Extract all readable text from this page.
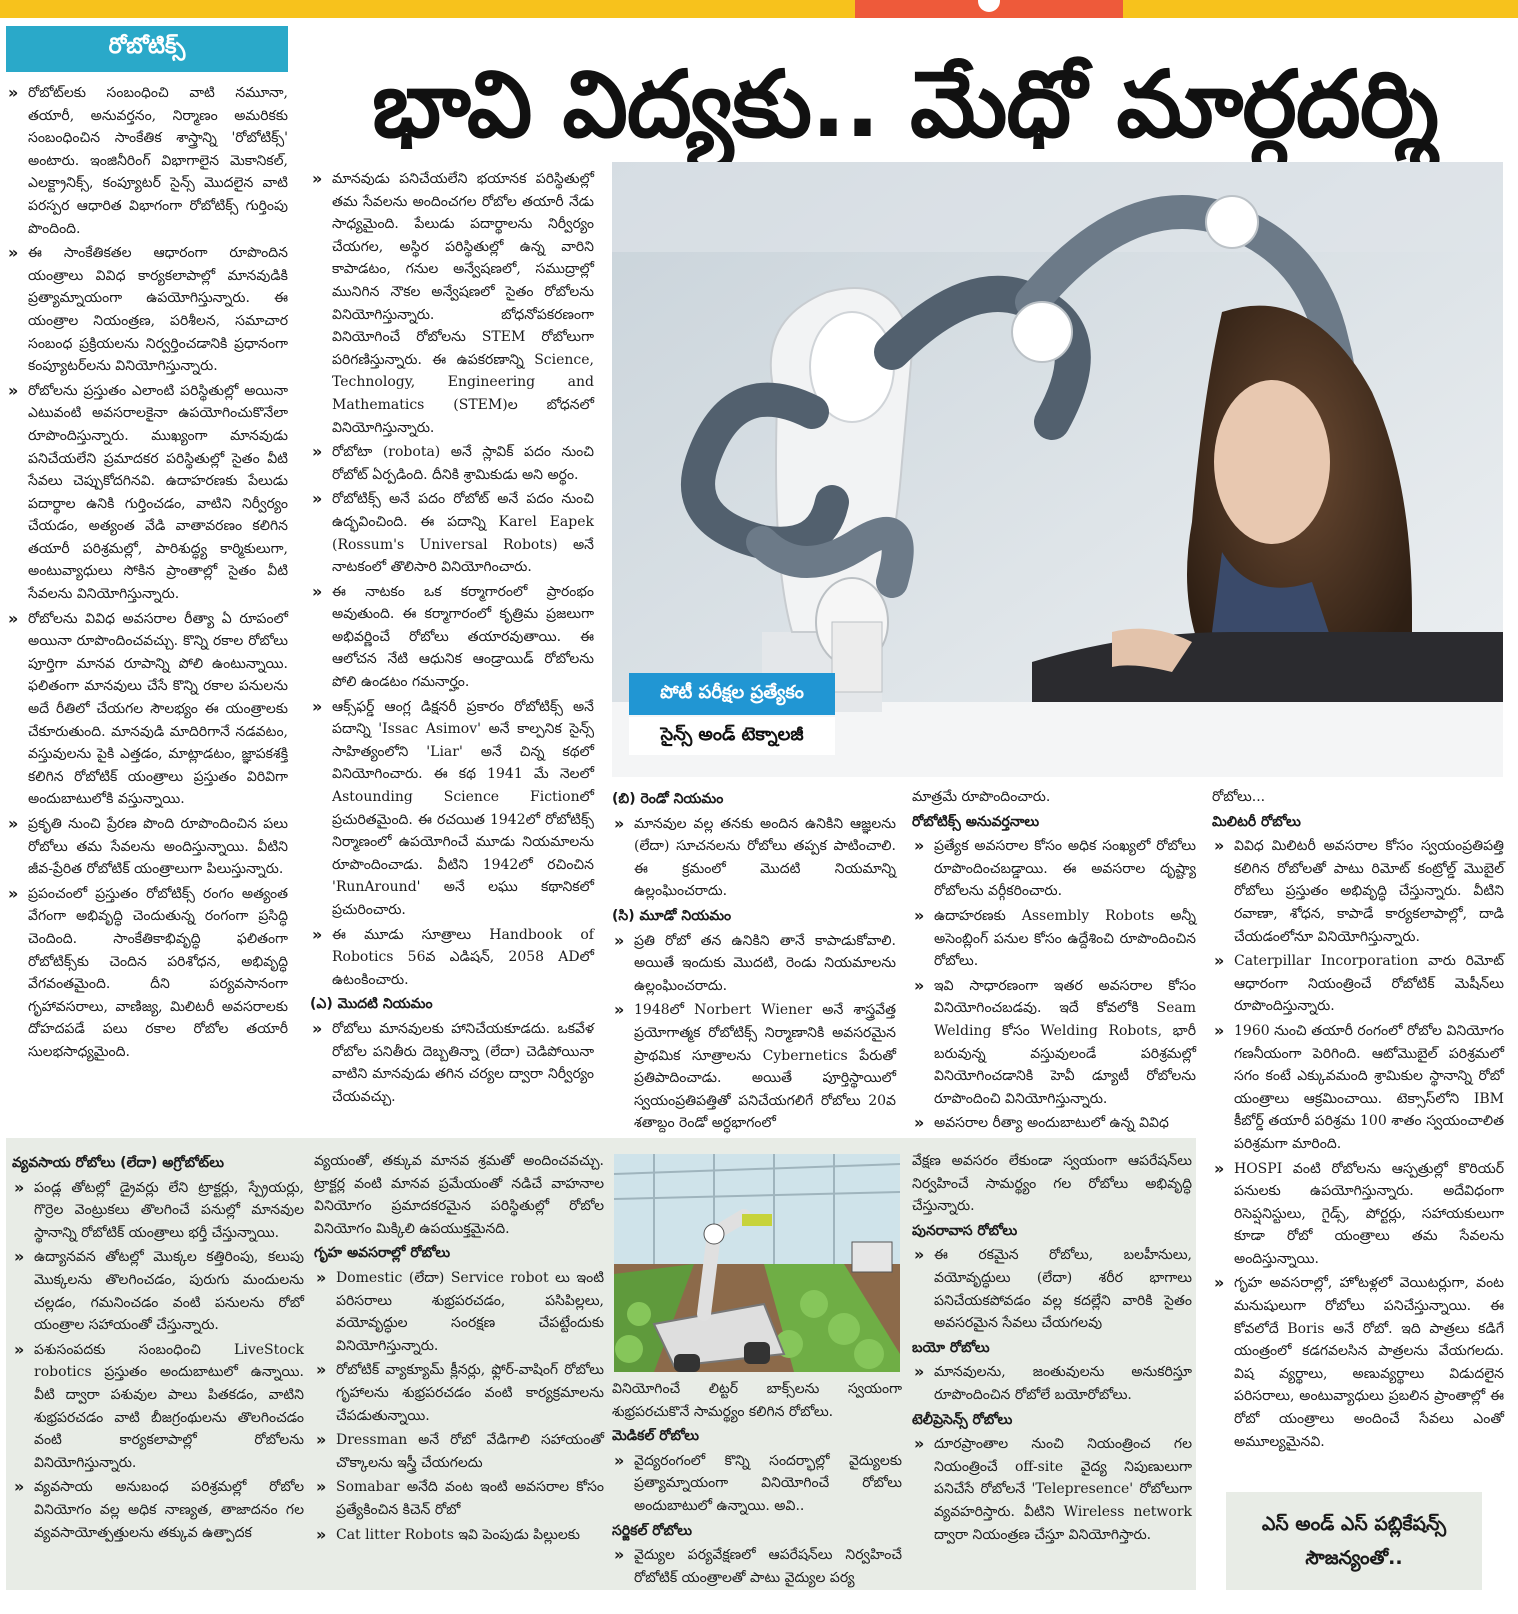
రోబోటిక్స్
భావి విద్యకు.. మేధో మార్గదర్శి
» రోబోట్‌లకు సంబంధించి వాటి నమూనా, తయారీ, అనువర్తనం, నిర్మాణం అమరికకు సంబంధించిన సాంకేతిక శాస్త్రాన్ని 'రోబోటిక్స్‌' అంటారు. ఇంజినీరింగ్‌ విభాగాలైన మెకానికల్‌, ఎలక్ట్రానిక్స్‌, కంప్యూటర్‌ సైన్స్‌ మొదలైన వాటి పరస్పర ఆధారిత విభాగంగా రోబోటిక్స్‌ గుర్తింపు పొందింది.
» ఈ సాంకేతికతల ఆధారంగా రూపొందిన యంత్రాలు వివిధ కార్యకలాపాల్లో మానవుడికి ప్రత్యామ్నాయంగా ఉపయోగిస్తున్నారు. ఈ యంత్రాల నియంత్రణ, పరిశీలన, సమాచార సంబంధ ప్రక్రియలను నిర్వర్తించడానికి ప్రధానంగా కంప్యూటర్‌లను వినియోగిస్తున్నారు.
» రోబోలను ప్రస్తుతం ఎలాంటి పరిస్థితుల్లో అయినా ఎటువంటి అవసరాలకైనా ఉపయోగించుకొనేలా రూపొందిస్తున్నారు. ముఖ్యంగా మానవుడు పనిచేయలేని ప్రమాదకర పరిస్థితుల్లో సైతం వీటి సేవలు చెప్పుకోదగినవి. ఉదాహరణకు పేలుడు పదార్థాల ఉనికి గుర్తించడం, వాటిని నిర్వీర్యం చేయడం, అత్యంత వేడి వాతావరణం కలిగిన తయారీ పరిశ్రమల్లో, పారిశుద్ధ్య కార్మికులుగా, అంటువ్యాధులు సోకిన ప్రాంతాల్లో సైతం వీటి సేవలను వినియోగిస్తున్నారు.
» రోబోలను వివిధ అవసరాల రీత్యా ఏ రూపంలో అయినా రూపొందించవచ్చు. కొన్ని రకాల రోబోలు పూర్తిగా మానవ రూపాన్ని పోలి ఉంటున్నాయి. ఫలితంగా మానవులు చేసే కొన్ని రకాల పనులను అదే రీతిలో చేయగల సౌలభ్యం ఈ యంత్రాలకు చేకూరుతుంది. మానవుడి మాదిరిగానే నడవటం, వస్తువులను పైకి ఎత్తడం, మాట్లాడటం, జ్ఞాపకశక్తి కలిగిన రోబోటిక్‌ యంత్రాలు ప్రస్తుతం విరివిగా అందుబాటులోకి వస్తున్నాయి.
» ప్రకృతి నుంచి ప్రేరణ పొంది రూపొందించిన పలు రోబోలు తమ సేవలను అందిస్తున్నాయి. వీటిని జీవ-ప్రేరిత రోబోటిక్‌ యంత్రాలుగా పిలుస్తున్నారు.
» ప్రపంచంలో ప్రస్తుతం రోబోటిక్స్‌ రంగం అత్యంత వేగంగా అభివృద్ధి చెందుతున్న రంగంగా ప్రసిద్ధి చెందింది. సాంకేతికాభివృద్ధి ఫలితంగా రోబోటిక్స్‌కు చెందిన పరిశోధన, అభివృద్ధి వేగవంతమైంది. దీని పర్యవసానంగా గృహావసరాలు, వాణిజ్య, మిలిటరీ అవసరాలకు దోహదపడే పలు రకాల రోబోల తయారీ సులభసాధ్యమైంది.
» మానవుడు పనిచేయలేని భయానక పరిస్థితుల్లో తమ సేవలను అందించగల రోబోల తయారీ నేడు సాధ్యమైంది. పేలుడు పదార్థాలను నిర్వీర్యం చేయగల, అస్థిర పరిస్థితుల్లో ఉన్న వారిని కాపాడటం, గనుల అన్వేషణలో, సముద్రాల్లో మునిగిన నౌకల అన్వేషణలో సైతం రోబోలను వినియోగిస్తున్నారు. బోధనోపకరణంగా వినియోగించే రోబోలను STEM రోబోలుగా పరిగణిస్తున్నారు. ఈ ఉపకరణాన్ని Science, Technology, Engineering and Mathematics (STEM)ల బోధనలో వినియోగిస్తున్నారు.
» రోబోటా (robota) అనే స్లావిక్‌ పదం నుంచి రోబోట్‌ ఏర్పడింది. దీనికి శ్రామికుడు అని అర్థం.
» రోబోటిక్స్‌ అనే పదం రోబోట్‌ అనే పదం నుంచి ఉద్భవించింది. ఈ పదాన్ని Karel Eapek (Rossum's Universal Robots) అనే నాటకంలో తొలిసారి వినియోగించారు.
» ఈ నాటకం ఒక కర్మాగారంలో ప్రారంభం అవుతుంది. ఈ కర్మాగారంలో కృత్రిమ ప్రజలుగా అభివర్ణించే రోబోలు తయారవుతాయి. ఈ ఆలోచన నేటి ఆధునిక ఆండ్రాయిడ్‌ రోబోలను పోలి ఉండటం గమనార్హం.
» ఆక్స్‌ఫర్డ్‌ ఆంగ్ల డిక్షనరీ ప్రకారం రోబోటిక్స్‌ అనే పదాన్ని 'Issac Asimov' అనే కాల్పనిక సైన్స్‌ సాహిత్యంలోని 'Liar' అనే చిన్న కథలో వినియోగించారు. ఈ కథ 1941 మే నెలలో Astounding Science Fictionలో ప్రచురితమైంది. ఈ రచయిత 1942లో రోబోటిక్స్‌ నిర్మాణంలో ఉపయోగించే మూడు నియమాలను రూపొందించాడు. వీటిని 1942లో రచించిన 'RunAround' అనే లఘు కథానికలో ప్రచురించారు.
» ఈ మూడు సూత్రాలు Handbook of Robotics 56వ ఎడిషన్‌, 2058 ADలో ఉటంకించారు.
(ఎ) మొదటి నియమం
» రోబోలు మానవులకు హానిచేయకూడదు. ఒకవేళ రోబోల పనితీరు దెబ్బతిన్నా (లేదా) చెడిపోయినా వాటిని మానవుడు తగిన చర్యల ద్వారా నిర్వీర్యం చేయవచ్చు.
(బి) రెండో నియమం
» మానవుల వల్ల తనకు అందిన ఉనికిని ఆజ్ఞలను (లేదా) సూచనలను రోబోలు తప్పక పాటించాలి. ఈ క్రమంలో మొదటి నియమాన్ని ఉల్లంఘించరాదు.
(సి) మూడో నియమం
» ప్రతి రోబో తన ఉనికిని తానే కాపాడుకోవాలి. అయితే ఇందుకు మొదటి, రెండు నియమాలను ఉల్లంఘించరాదు.
» 1948లో Norbert Wiener అనే శాస్త్రవేత్త ప్రయోగాత్మక రోబోటిక్స్‌ నిర్మాణానికి అవసరమైన ప్రాథమిక సూత్రాలను Cybernetics పేరుతో ప్రతిపాదించాడు. అయితే పూర్తిస్థాయిలో స్వయంప్రతిపత్తితో పనిచేయగలిగే రోబోలు 20వ శతాబ్దం రెండో అర్ధభాగంలో
మాత్రమే రూపొందించారు.
రోబోటిక్స్‌ అనువర్తనాలు
» ప్రత్యేక అవసరాల కోసం అధిక సంఖ్యలో రోబోలు రూపొందించబడ్డాయి. ఈ అవసరాల దృష్ట్యా రోబోలను వర్గీకరించారు.
» ఉదాహరణకు Assembly Robots అన్నీ అసెంబ్లింగ్‌ పనుల కోసం ఉద్దేశించి రూపొందించిన రోబోలు.
» ఇవి సాధారణంగా ఇతర అవసరాల కోసం వినియోగించబడవు. ఇదే కోవలోకి Seam Welding కోసం Welding Robots, భారీ బరువున్న వస్తువులండే పరిశ్రమల్లో వినియోగించడానికి హెవీ డ్యూటీ రోబోలను రూపొందించి వినియోగిస్తున్నారు.
» అవసరాల రీత్యా అందుబాటులో ఉన్న వివిధ
రోబోలు...
మిలిటరీ రోబోలు
» వివిధ మిలిటరీ అవసరాల కోసం స్వయంప్రతిపత్తి కలిగిన రోబోలతో పాటు రిమోట్‌ కంట్రోల్డ్‌ మొబైల్‌ రోబోలు ప్రస్తుతం అభివృద్ధి చేస్తున్నారు. వీటిని రవాణా, శోధన, కాపాడే కార్యకలాపాల్లో, దాడి చేయడంలోనూ వినియోగిస్తున్నారు.
» Caterpillar Incorporation వారు రిమోట్‌ ఆధారంగా నియంత్రించే రోబోటిక్‌ మెషీన్‌లు రూపొందిస్తున్నారు.
» 1960 నుంచి తయారీ రంగంలో రోబోల వినియోగం గణనీయంగా పెరిగింది. ఆటోమొబైల్‌ పరిశ్రమలో సగం కంటే ఎక్కువమంది శ్రామికుల స్థానాన్ని రోబో యంత్రాలు ఆక్రమించాయి. టెక్సాస్‌లోని IBM కీబోర్డ్‌ తయారీ పరిశ్రమ 100 శాతం స్వయంచాలిత పరిశ్రమగా మారింది.
» HOSPI వంటి రోబోలను ఆస్పత్రుల్లో కొరియర్‌ పనులకు ఉపయోగిస్తున్నారు. అదేవిధంగా రిసెప్షనిస్టులు, గైడ్స్‌, పోర్టర్లు, సహాయకులుగా కూడా రోబో యంత్రాలు తమ సేవలను అందిస్తున్నాయి.
» గృహ అవసరాల్లో, హోటళ్లలో వెయిటర్లుగా, వంట మనుషులుగా రోబోలు పనిచేస్తున్నాయి. ఈ కోవలోదే Boris అనే రోబో. ఇది పాత్రలు కడిగే యంత్రంలో కడగవలసిన పాత్రలను వేయగలదు. విష వ్యర్థాలు, అణువ్యర్థాలు విడుదలైన పరిసరాలు, అంటువ్యాధులు ప్రబలిన ప్రాంతాల్లో ఈ రోబో యంత్రాలు అందించే సేవలు ఎంతో అమూల్యమైనవి.
పోటీ పరీక్షల ప్రత్యేకం
సైన్స్ అండ్ టెక్నాలజీ
వ్యవసాయ రోబోలు (లేదా) అగ్రోబోట్‌లు
» పండ్ల తోటల్లో డ్రైవర్లు లేని ట్రాక్టర్లు, స్ప్రేయర్లు, గొర్రెల వెంట్రుకలు తొలగించే పనుల్లో మానవుల స్థానాన్ని రోబోటిక్‌ యంత్రాలు భర్తీ చేస్తున్నాయి.
» ఉద్యానవన తోటల్లో మొక్కల కత్తిరింపు, కలుపు మొక్కలను తొలగించడం, పురుగు మందులను చల్లడం, గమనించడం వంటి పనులను రోబో యంత్రాల సహాయంతో చేస్తున్నారు.
» పశుసంపదకు సంబంధించి LiveStock robotics ప్రస్తుతం అందుబాటులో ఉన్నాయి. వీటి ద్వారా పశువుల పాలు పితకడం, వాటిని శుభ్రపరచడం వాటి బీజగ్రంథులను తొలగించడం వంటి కార్యకలాపాల్లో రోబోలను వినియోగిస్తున్నారు.
» వ్యవసాయ అనుబంధ పరిశ్రమల్లో రోబోల వినియోగం వల్ల అధిక నాణ్యత, తాజాదనం గల వ్యవసాయోత్పత్తులను తక్కువ ఉత్పాదక
వ్యయంతో, తక్కువ మానవ శ్రమతో అందించవచ్చు. ట్రాక్టర్ల వంటి మానవ ప్రమేయంతో నడిచే వాహనాల వినియోగం ప్రమాదకరమైన పరిస్థితుల్లో రోబోల వినియోగం మిక్కిలి ఉపయుక్తమైనది.
గృహ అవసరాల్లో రోబోలు
» Domestic (లేదా) Service robot లు ఇంటి పరిసరాలు శుభ్రపరచడం, పసిపిల్లలు, వయోవృద్ధుల సంరక్షణ చేపట్టేందుకు వినియోగిస్తున్నారు.
» రోబోటిక్‌ వ్యాక్యూమ్‌ క్లీనర్లు, ఫ్లోర్‌-వాషింగ్‌ రోబోలు గృహాలను శుభ్రపరచడం వంటి కార్యక్రమాలను చేపడుతున్నాయి.
» Dressman అనే రోబో వేడిగాలి సహాయంతో చొక్కాలను ఇస్త్రీ చేయగలదు
» Somabar అనేది వంట ఇంటి అవసరాల కోసం ప్రత్యేకించిన కిచెన్‌ రోబో
» Cat litter Robots ఇవి పెంపుడు పిల్లులకు
వినియోగించే లిట్టర్‌ బాక్స్‌లను స్వయంగా శుభ్రపరచుకొనే సామర్థ్యం కలిగిన రోబోలు.
మెడికల్‌ రోబోలు
» వైద్యరంగంలో కొన్ని సందర్భాల్లో వైద్యులకు ప్రత్యామ్నాయంగా వినియోగించే రోబోలు అందుబాటులో ఉన్నాయి. అవి..
సర్జికల్‌ రోబోలు
» వైద్యుల పర్యవేక్షణలో ఆపరేషన్‌లు నిర్వహించే రోబోటిక్‌ యంత్రాలతో పాటు వైద్యుల పర్య
వేక్షణ అవసరం లేకుండా స్వయంగా ఆపరేషన్‌లు నిర్వహించే సామర్థ్యం గల రోబోలు అభివృద్ధి చేస్తున్నారు.
పునరావాస రోబోలు
» ఈ రకమైన రోబోలు, బలహీనులు, వయోవృద్ధులు (లేదా) శరీర భాగాలు పనిచేయకపోవడం వల్ల కదల్లేని వారికి సైతం అవసరమైన సేవలు చేయగలవు
బయో రోబోలు
» మానవులను, జంతువులను అనుకరిస్తూ రూపొందించిన రోబోలే బయోరోబోలు.
టెలీప్రెసెన్స్‌ రోబోలు
» దూరప్రాంతాల నుంచి నియంత్రించ గల నియంత్రించే off-site వైద్య నిపుణులుగా పనిచేసే రోబోలనే 'Telepresence' రోబోలుగా వ్యవహరిస్తారు. వీటిని Wireless network ద్వారా నియంత్రణ చేస్తూ వినియోగిస్తారు.	ఎస్ అండ్ ఎస్ పబ్లికేషన్స్
సౌజన్యంతో..
